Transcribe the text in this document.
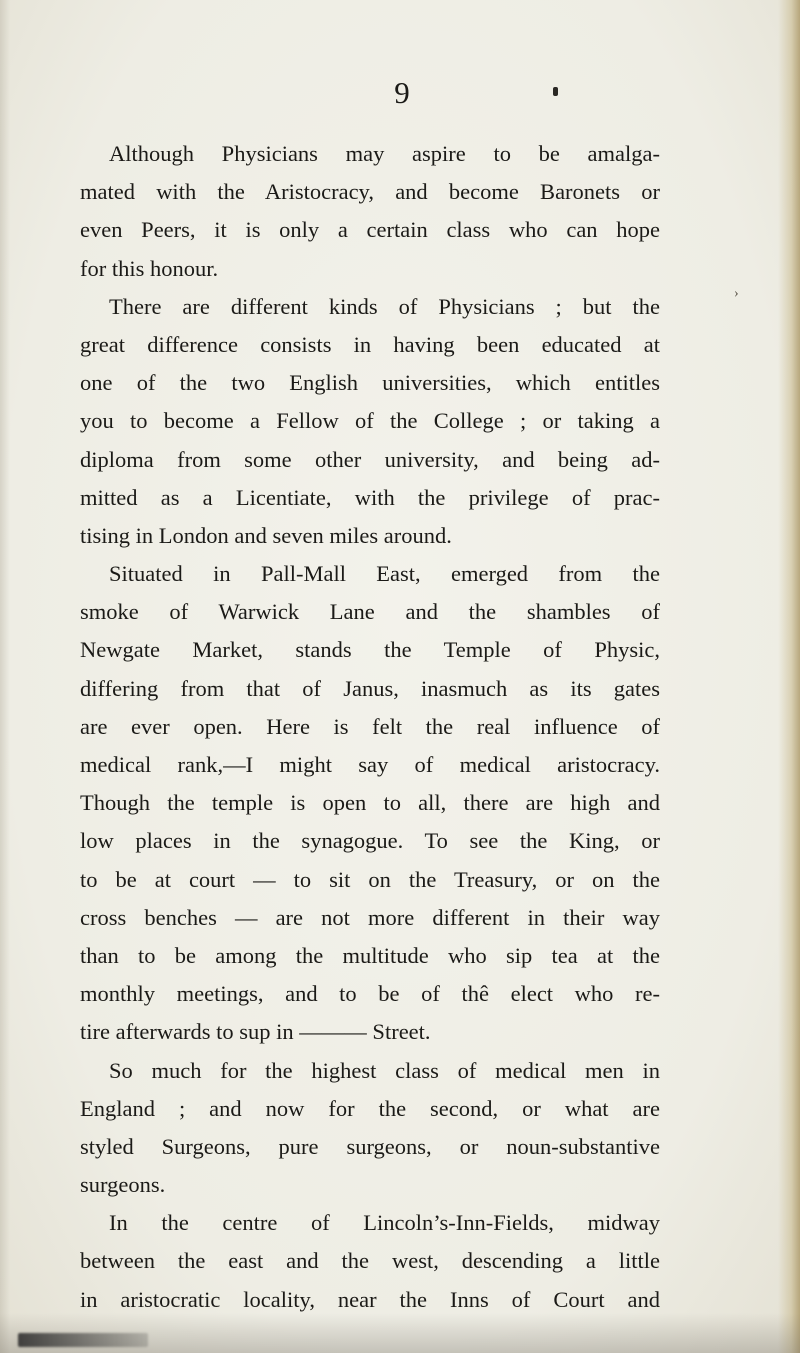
9
›
Although Physicians may aspire to be amalga-
mated with the Aristocracy, and become Baronets or
even Peers, it is only a certain class who can hope
for this honour.
There are different kinds of Physicians ; but the
great difference consists in having been educated at
one of the two English universities, which entitles
you to become a Fellow of the College ; or taking a
diploma from some other university, and being ad-
mitted as a Licentiate, with the privilege of prac-
tising in London and seven miles around.
Situated in Pall-Mall East, emerged from the
smoke of Warwick Lane and the shambles of
Newgate Market, stands the Temple of Physic,
differing from that of Janus, inasmuch as its gates
are ever open. Here is felt the real influence of
medical rank,—I might say of medical aristocracy.
Though the temple is open to all, there are high and
low places in the synagogue. To see the King, or
to be at court — to sit on the Treasury, or on the
cross benches — are not more different in their way
than to be among the multitude who sip tea at the
monthly meetings, and to be of thê elect who re-
tire afterwards to sup in ——— Street.
So much for the highest class of medical men in
England ; and now for the second, or what are
styled Surgeons, pure surgeons, or noun-substantive
surgeons.
In the centre of Lincoln’s-Inn-Fields, midway
between the east and the west, descending a little
in aristocratic locality, near the Inns of Court and
